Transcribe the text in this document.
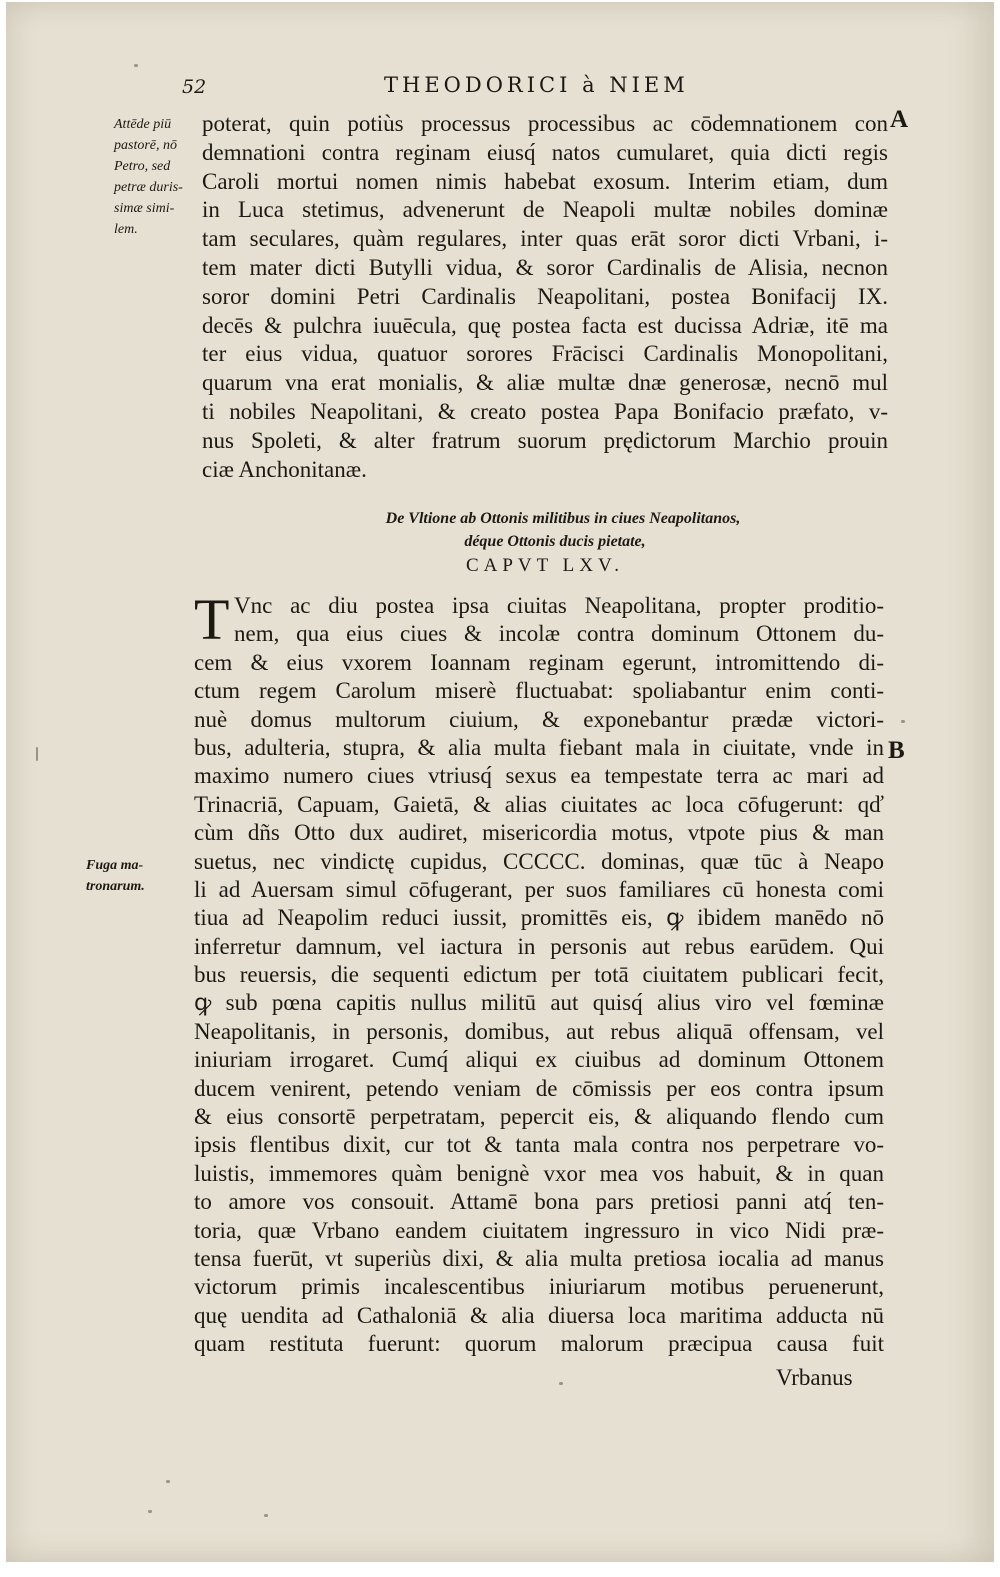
52	THEODORICI à NIEM
A
B
Attēde piū
pastorē, nō
Petro, sed
petræ duris-
simæ simi-
lem.
Fuga ma-
tronarum.
poterat, quin potiùs processus processibus ac cōdemnationem con
demnationi contra reginam eiusq́ natos cumularet, quia dicti regis
Caroli mortui nomen nimis habebat exosum. Interim etiam, dum
in Luca stetimus, advenerunt de Neapoli multæ nobiles dominæ
tam seculares, quàm regulares, inter quas erāt soror dicti Vrbani, i-
tem mater dicti Butylli vidua, & soror Cardinalis de Alisia, necnon
soror domini Petri Cardinalis Neapolitani, postea Bonifacij IX.
decēs & pulchra iuuēcula, quę postea facta est ducissa Adriæ, itē ma
ter eius vidua, quatuor sorores Frācisci Cardinalis Monopolitani,
quarum vna erat monialis, & aliæ multæ dnæ generosæ, necnō mul
ti nobiles Neapolitani, & creato postea Papa Bonifacio præfato, v-
nus Spoleti, & alter fratrum suorum prędictorum Marchio prouin
ciæ Anchonitanæ.
De Vltione ab Ottonis militibus in ciues Neapolitanos,
déque Ottonis ducis pietate,
CAPVT LXV.
T Vnc ac diu postea ipsa ciuitas Neapolitana, propter proditio-
nem, qua eius ciues & incolæ contra dominum Ottonem du-
cem & eius vxorem Ioannam reginam egerunt, intromittendo di-
ctum regem Carolum miserè fluctuabat: spoliabantur enim conti-
nuè domus multorum ciuium, & exponebantur prædæ victori-
bus, adulteria, stupra, & alia multa fiebant mala in ciuitate, vnde in
maximo numero ciues vtriusq́ sexus ea tempestate terra ac mari ad
Trinacriā, Capuam, Gaietā, & alias ciuitates ac loca cōfugerunt: qď
cùm dñs Otto dux audiret, misericordia motus, vtpote pius & man
suetus, nec vindictę cupidus, CCCCC. dominas, quæ tūc à Neapo
li ad Auersam simul cōfugerant, per suos familiares cū honesta comi
tiua ad Neapolim reduci iussit, promittēs eis, ꝙ ibidem manēdo nō
inferretur damnum, vel iactura in personis aut rebus earūdem. Qui
bus reuersis, die sequenti edictum per totā ciuitatem publicari fecit,
ꝙ sub pœna capitis nullus militū aut quisq́ alius viro vel fœminæ
Neapolitanis, in personis, domibus, aut rebus aliquā offensam, vel
iniuriam irrogaret. Cumq́ aliqui ex ciuibus ad dominum Ottonem
ducem venirent, petendo veniam de cōmissis per eos contra ipsum
& eius consortē perpetratam, pepercit eis, & aliquando flendo cum
ipsis flentibus dixit, cur tot & tanta mala contra nos perpetrare vo-
luistis, immemores quàm benignè vxor mea vos habuit, & in quan
to amore vos consouit. Attamē bona pars pretiosi panni atq́ ten-
toria, quæ Vrbano eandem ciuitatem ingressuro in vico Nidi præ-
tensa fuerūt, vt superiùs dixi, & alia multa pretiosa iocalia ad manus
victorum primis incalescentibus iniuriarum motibus peruenerunt,
quę uendita ad Cathaloniā & alia diuersa loca maritima adducta nū
quam restituta fuerunt: quorum malorum præcipua causa fuit
Vrbanus
